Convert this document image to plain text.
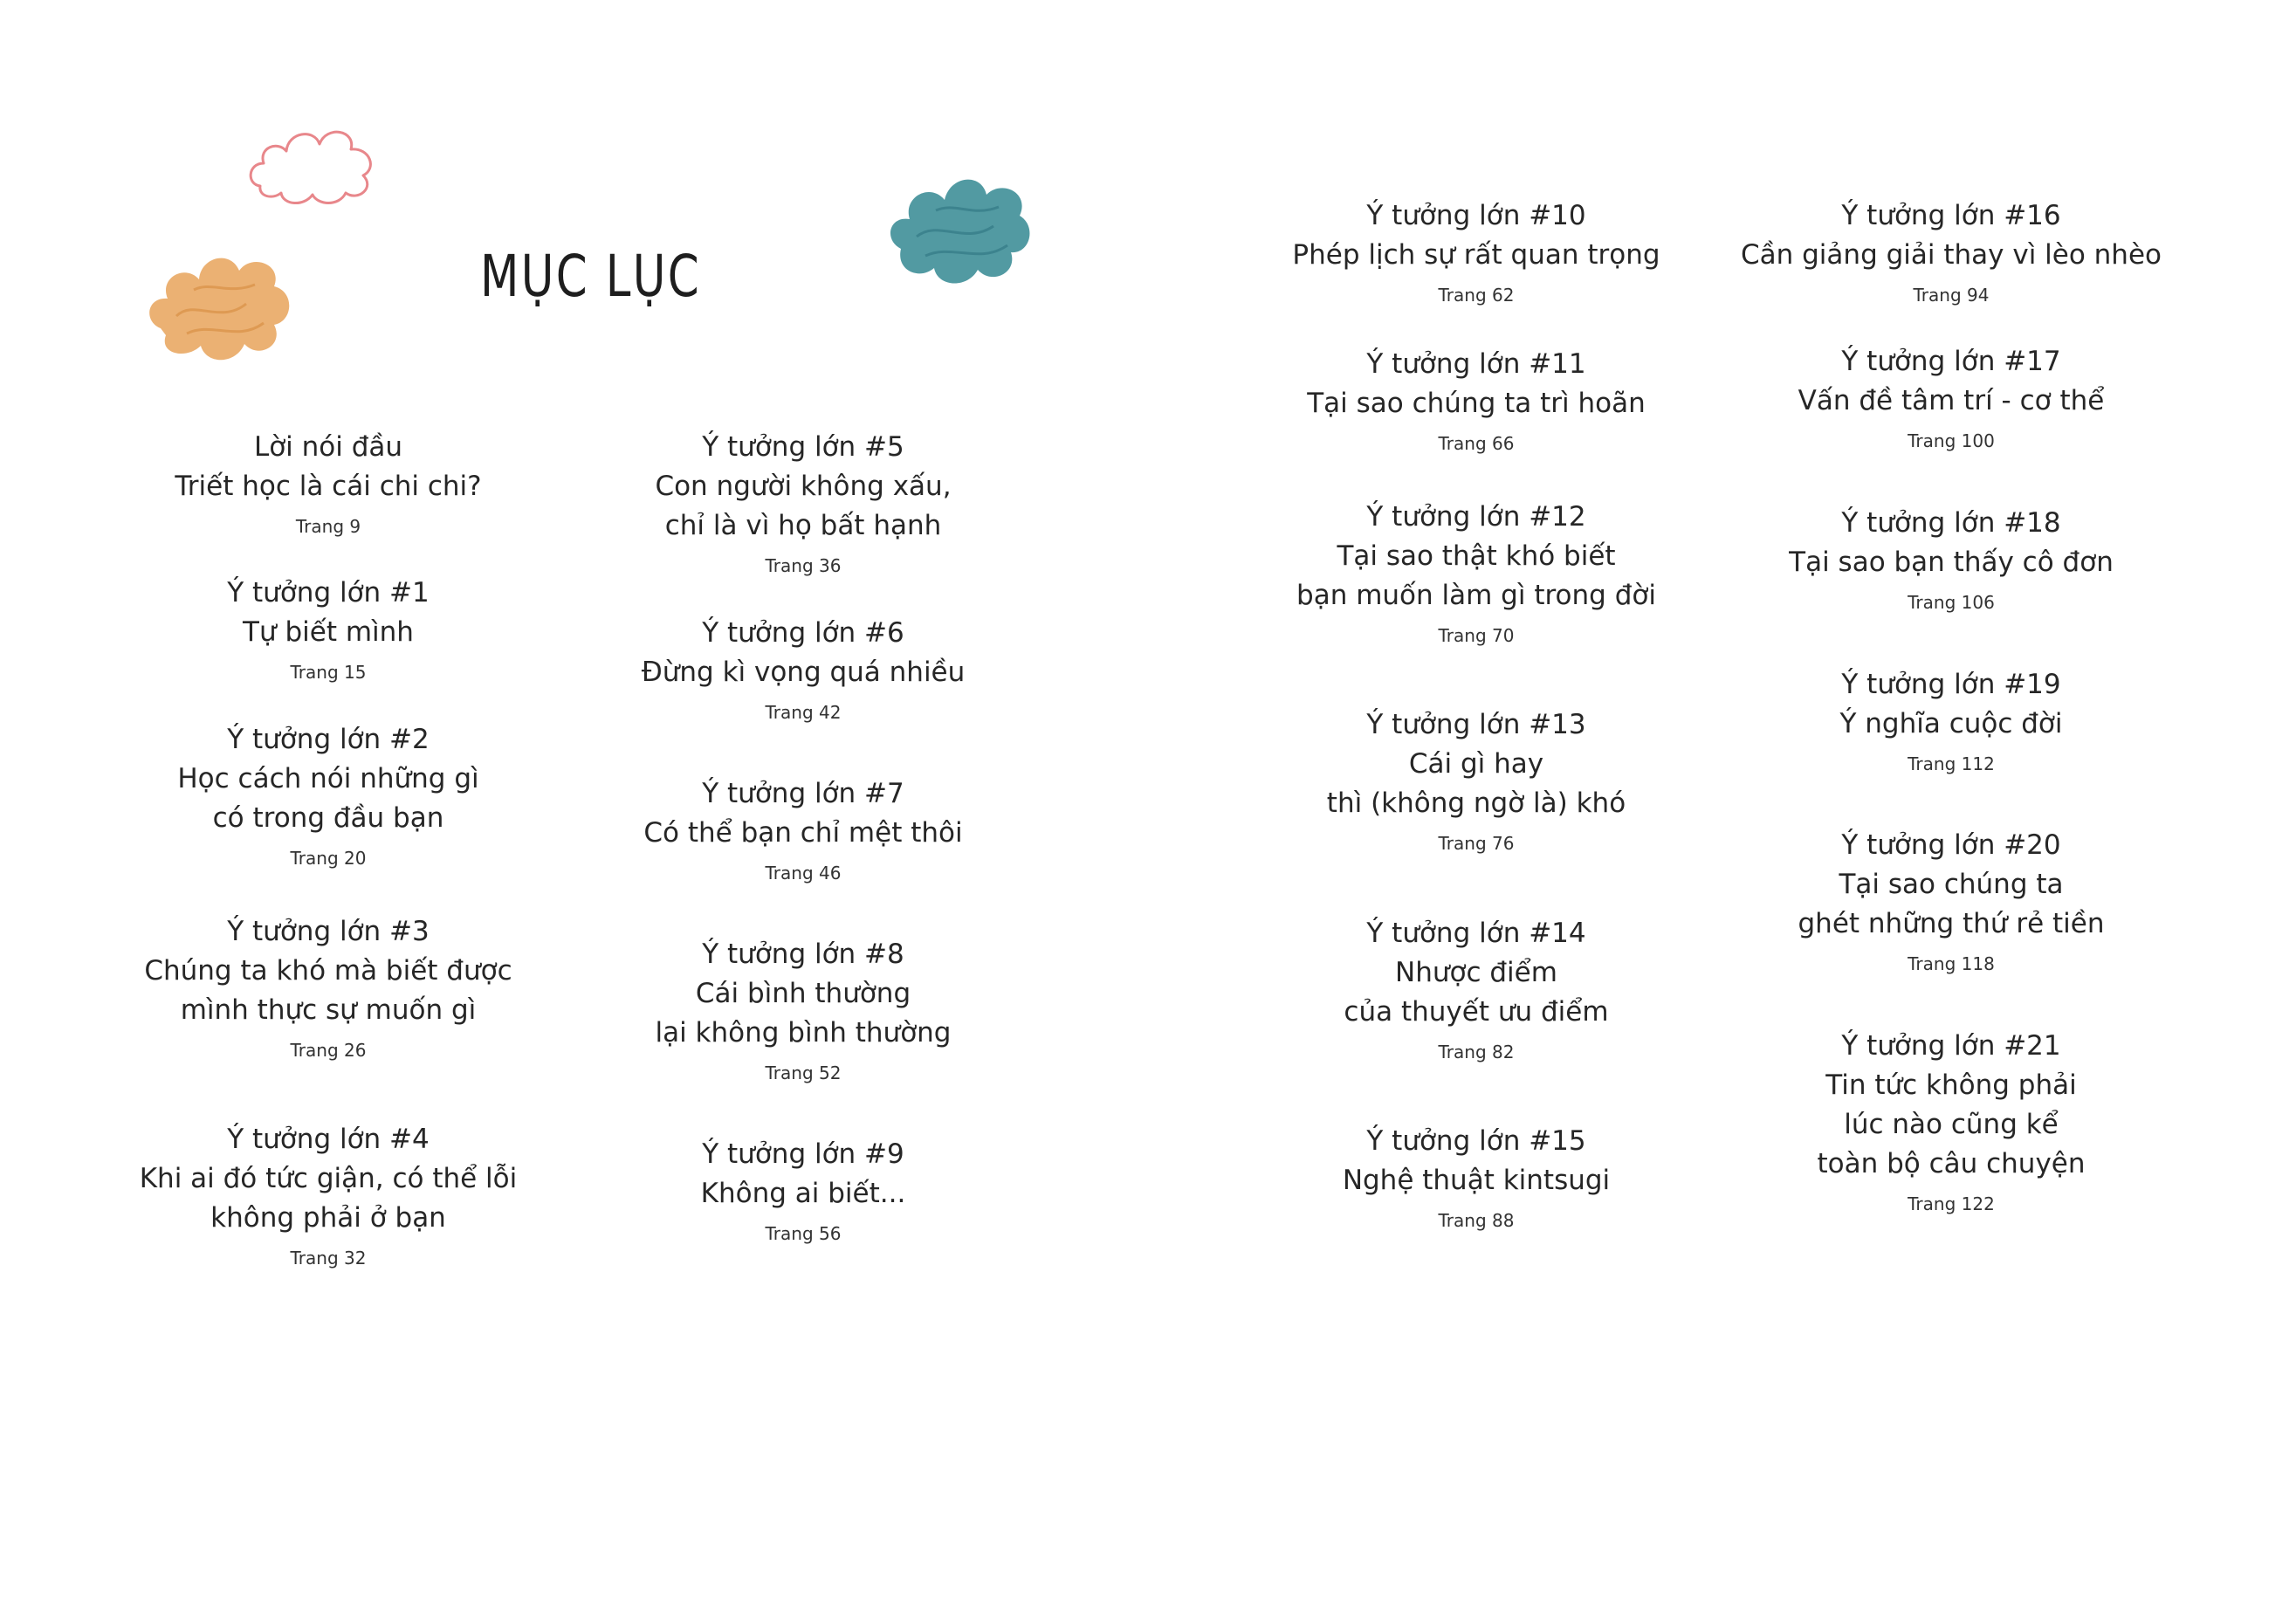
MỤC LỤC
Lời nói đầu
Triết học là cái chi chi?
Trang 9
Ý tưởng lớn #1
Tự biết mình
Trang 15
Ý tưởng lớn #2
Học cách nói những gì
có trong đầu bạn
Trang 20
Ý tưởng lớn #3
Chúng ta khó mà biết được
mình thực sự muốn gì
Trang 26
Ý tưởng lớn #4
Khi ai đó tức giận, có thể lỗi
không phải ở bạn
Trang 32
Ý tưởng lớn #5
Con người không xấu,
chỉ là vì họ bất hạnh
Trang 36
Ý tưởng lớn #6
Đừng kì vọng quá nhiều
Trang 42
Ý tưởng lớn #7
Có thể bạn chỉ mệt thôi
Trang 46
Ý tưởng lớn #8
Cái bình thường
lại không bình thường
Trang 52
Ý tưởng lớn #9
Không ai biết...
Trang 56
Ý tưởng lớn #10
Phép lịch sự rất quan trọng
Trang 62
Ý tưởng lớn #11
Tại sao chúng ta trì hoãn
Trang 66
Ý tưởng lớn #12
Tại sao thật khó biết
bạn muốn làm gì trong đời
Trang 70
Ý tưởng lớn #13
Cái gì hay
thì (không ngờ là) khó
Trang 76
Ý tưởng lớn #14
Nhược điểm
của thuyết ưu điểm
Trang 82
Ý tưởng lớn #15
Nghệ thuật kintsugi
Trang 88
Ý tưởng lớn #16
Cần giảng giải thay vì lèo nhèo
Trang 94
Ý tưởng lớn #17
Vấn đề tâm trí - cơ thể
Trang 100
Ý tưởng lớn #18
Tại sao bạn thấy cô đơn
Trang 106
Ý tưởng lớn #19
Ý nghĩa cuộc đời
Trang 112
Ý tưởng lớn #20
Tại sao chúng ta
ghét những thứ rẻ tiền
Trang 118
Ý tưởng lớn #21
Tin tức không phải
lúc nào cũng kể
toàn bộ câu chuyện
Trang 122
